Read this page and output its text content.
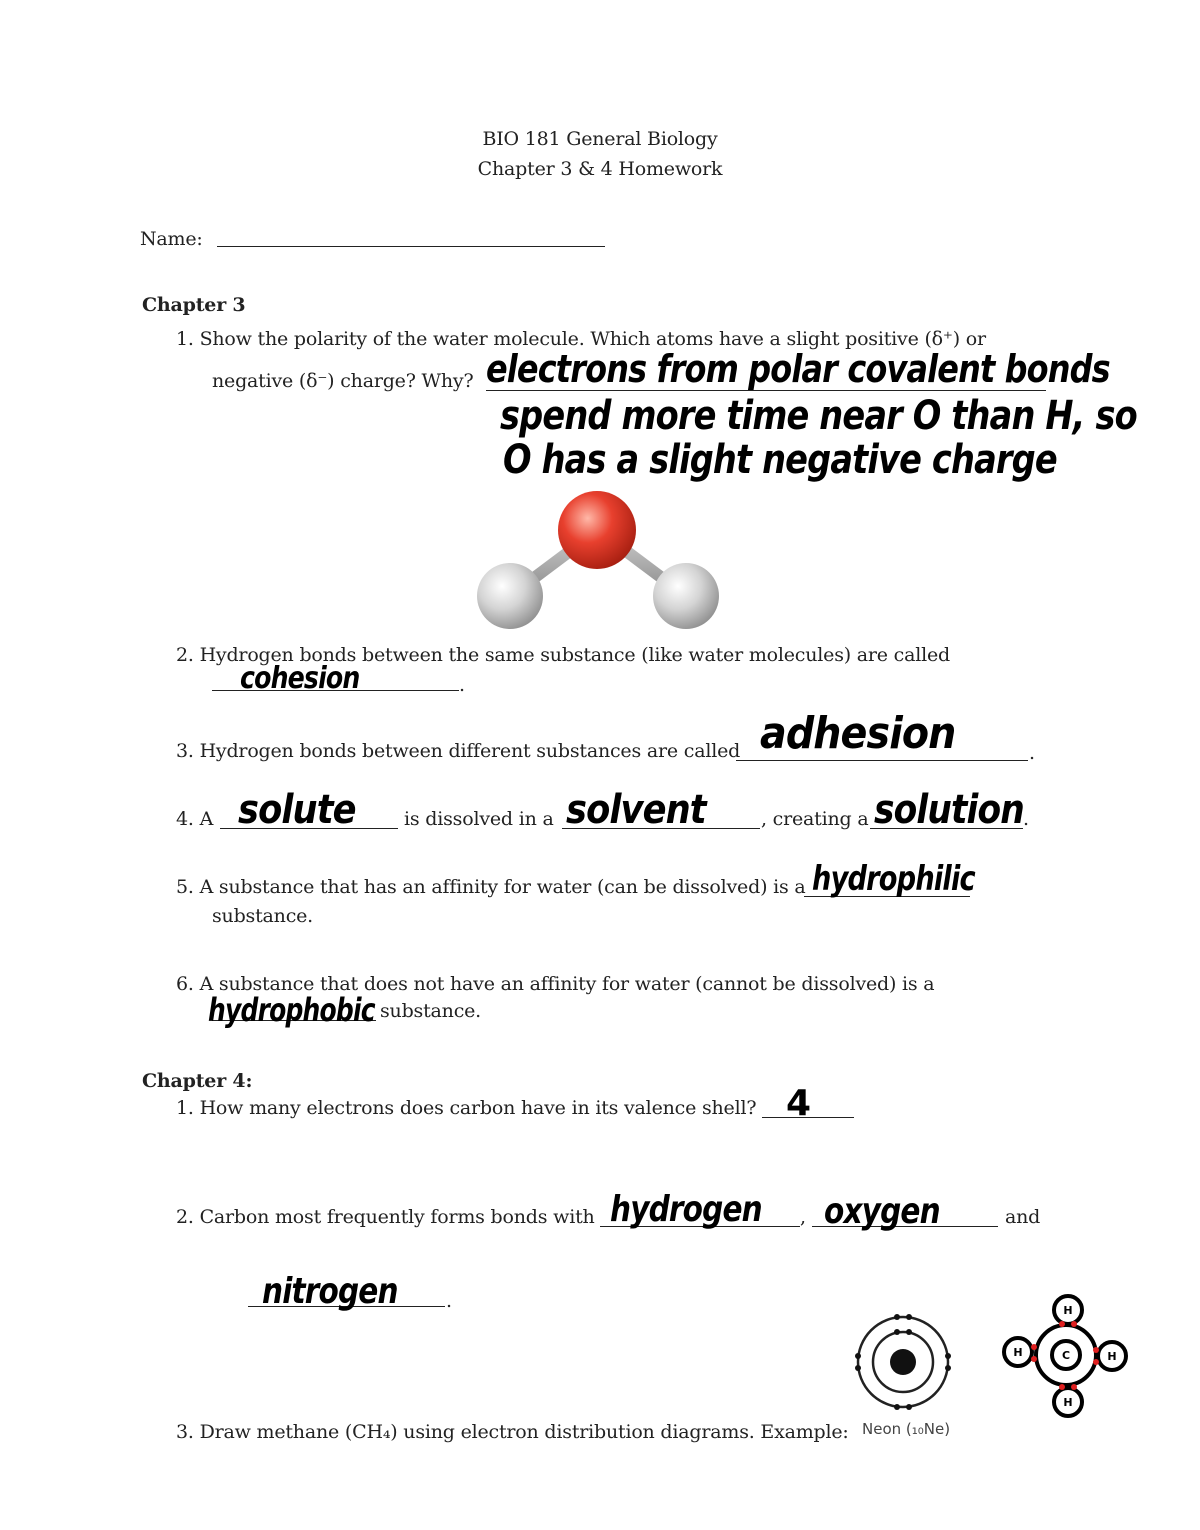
BIO 181 General Biology
Chapter 3 & 4 Homework
Name:
Chapter 3
1. Show the polarity of the water molecule. Which atoms have a slight positive (δ⁺) or
negative (δ⁻) charge? Why? electrons from polar covalent bonds
spend more time near O than H, so
O has a slight negative charge
2. Hydrogen bonds between the same substance (like water molecules) are called
cohesion	.
3. Hydrogen bonds between different substances are called adhesion	.
4. A solute	is dissolved in a solvent	, creating a solution .
5. A substance that has an affinity for water (can be dissolved) is a hydrophilic
substance.
6. A substance that does not have an affinity for water (cannot be dissolved) is a
hydrophobic substance.
Chapter 4:
1. How many electrons does carbon have in its valence shell? 4
2. Carbon most frequently forms bonds with hydrogen , oxygen	and
nitrogen	.
3. Draw methane (CH₄) using electron distribution diagrams. Example: Neon (₁₀Ne)
C
H
H
H	H
